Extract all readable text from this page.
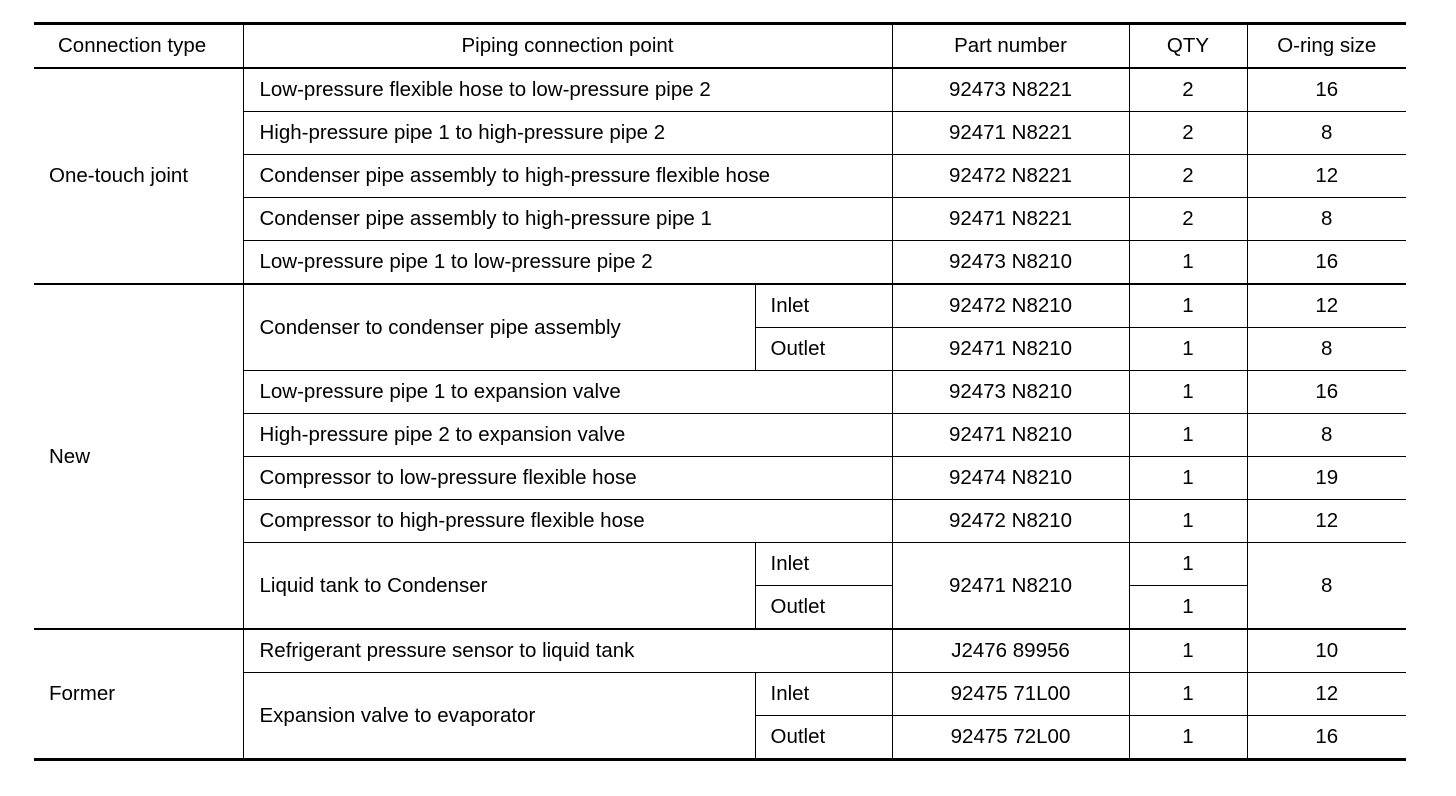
Connection type	Piping connection point		Part number	QTY	O-ring size
One-touch joint	Low-pressure flexible hose to low-pressure pipe 2		92473 N8221	2	16
	High-pressure pipe 1 to high-pressure pipe 2		92471 N8221	2	8
	Condenser pipe assembly to high-pressure flexible hose		92472 N8221	2	12
	Condenser pipe assembly to high-pressure pipe 1		92471 N8221	2	8
	Low-pressure pipe 1 to low-pressure pipe 2		92473 N8210	1	16
New	Condenser to condenser pipe assembly	Inlet	92472 N8210	1	12
		Outlet	92471 N8210	1	8
	Low-pressure pipe 1 to expansion valve		92473 N8210	1	16
	High-pressure pipe 2 to expansion valve		92471 N8210	1	8
	Compressor to low-pressure flexible hose		92474 N8210	1	19
	Compressor to high-pressure flexible hose		92472 N8210	1	12
	Liquid tank to Condenser	Inlet	92471 N8210	1	8
		Outlet		1	
Former	Refrigerant pressure sensor to liquid tank		J2476 89956	1	10
	Expansion valve to evaporator	Inlet	92475 71L00	1	12
		Outlet	92475 72L00	1	16
